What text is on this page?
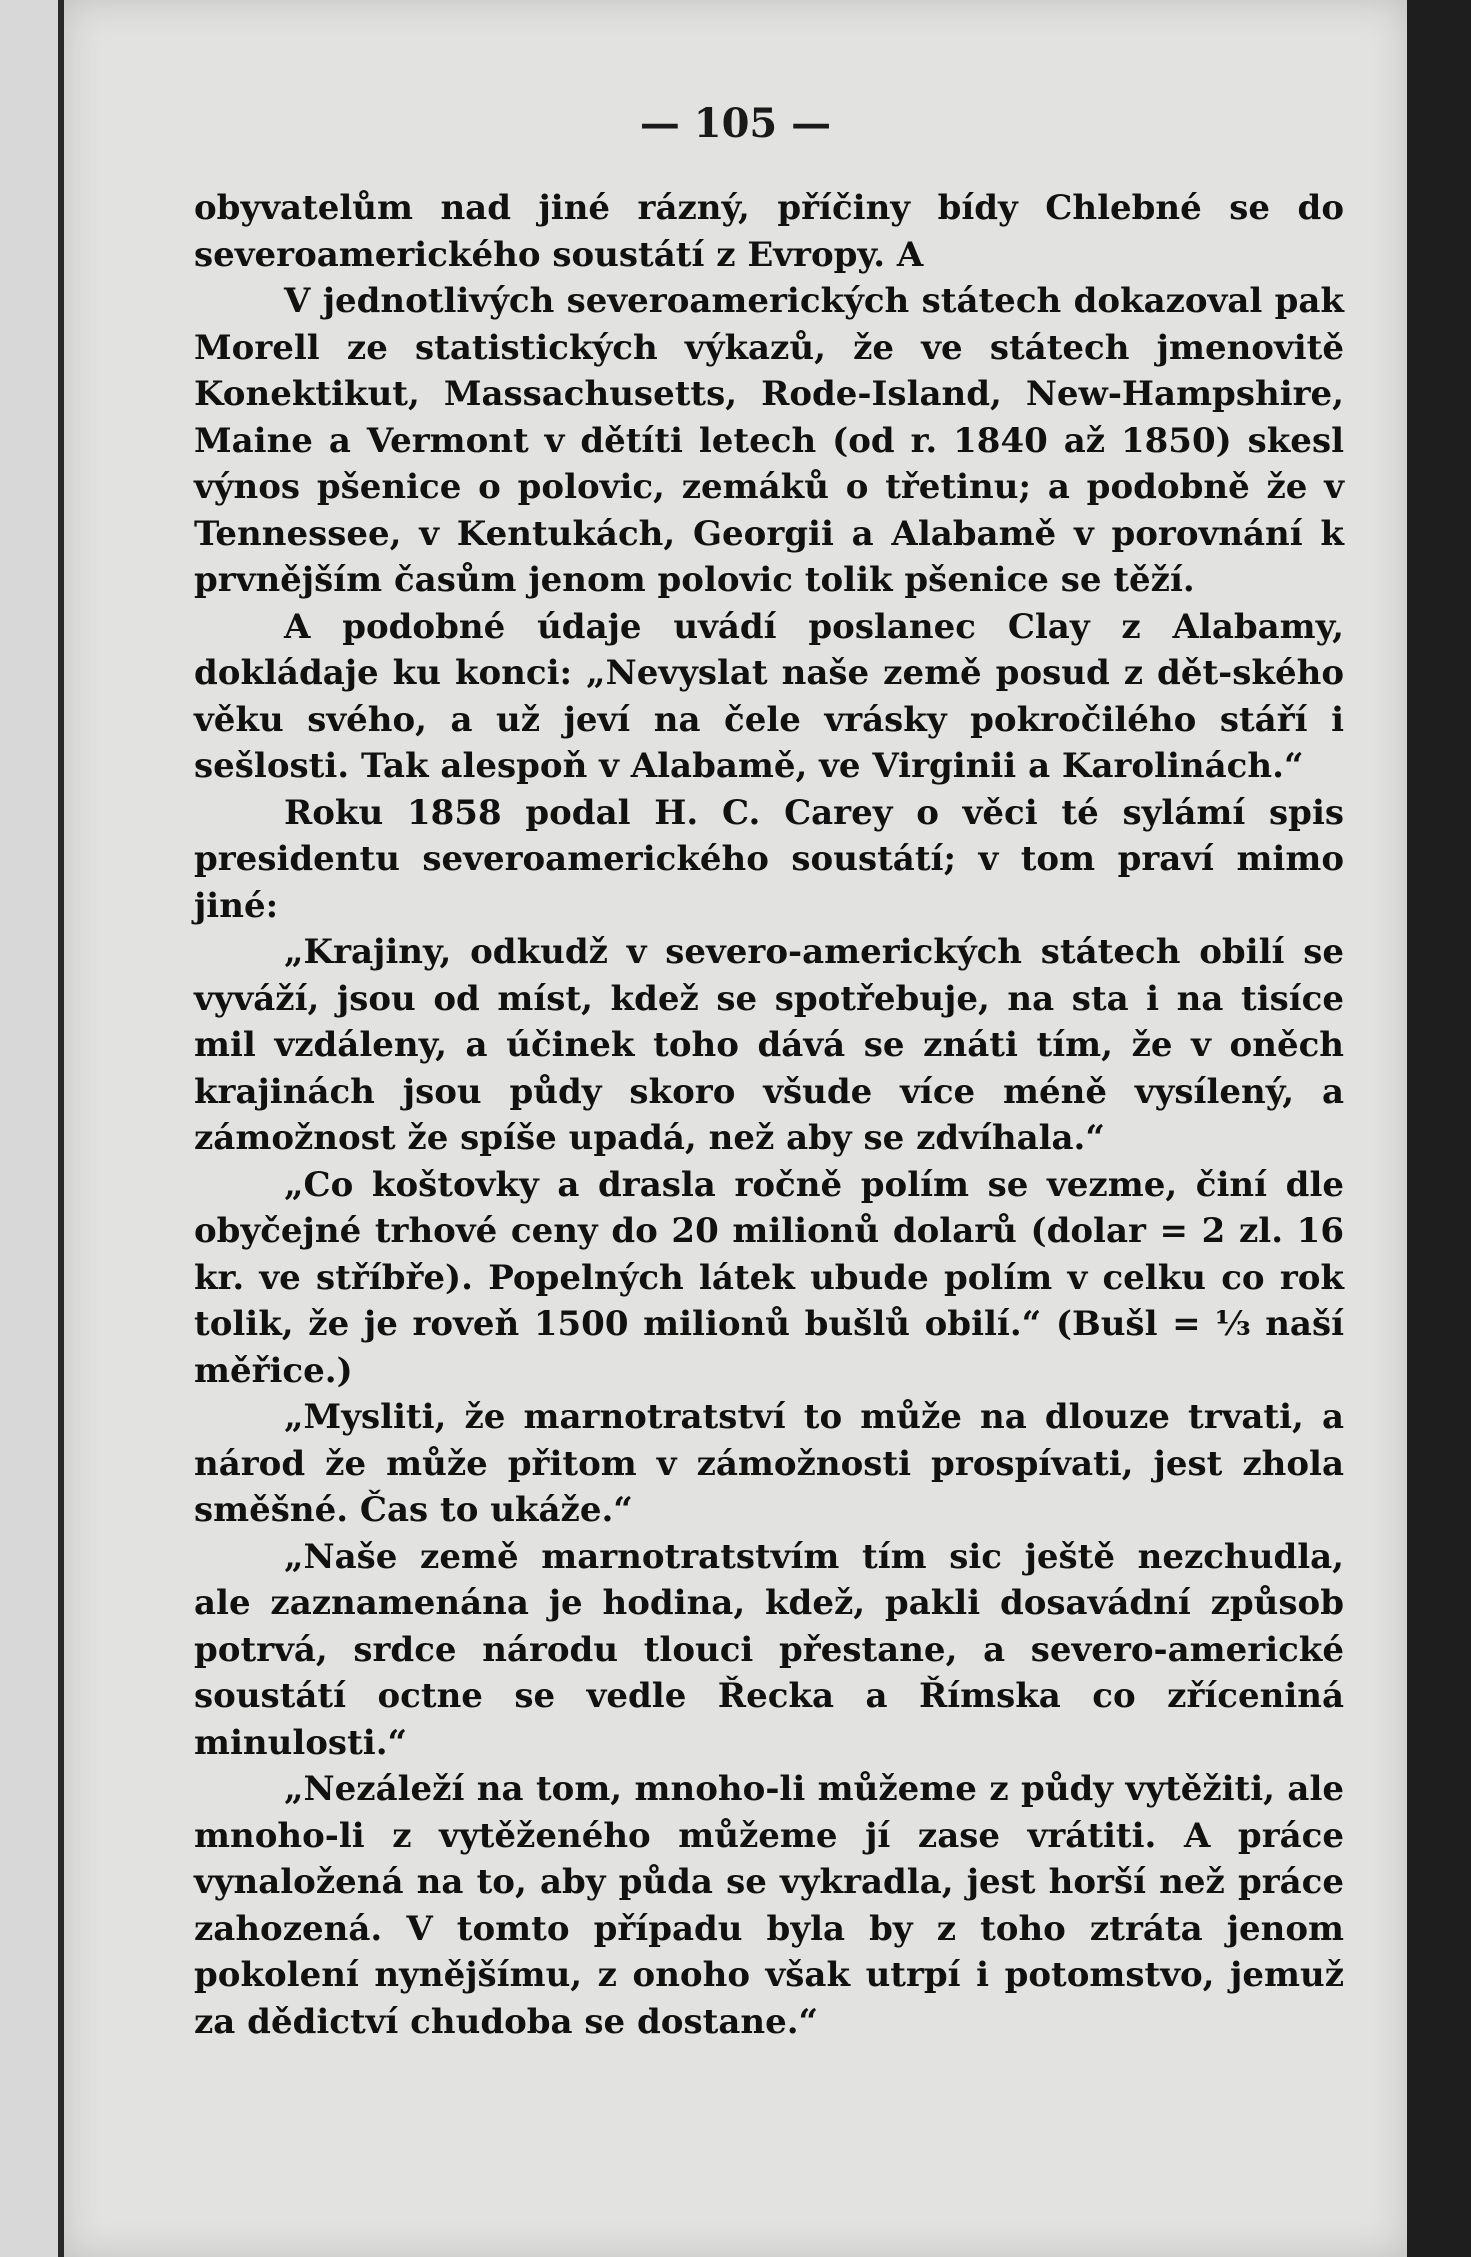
— 105 —

obyvatelům nad jiné rázný, příčiny bídy Chlebné se do severoamerického soustátí z Evropy. A

V jednotlivých severoamerických státech dokazoval pak Morell ze statistických výkazů, že ve státech jmenovitě Konektikut, Massachusetts, Rode-Island, New-Hampshire, Maine a Vermont v dětíti letech (od r. 1840 až 1850) skesl výnos pšenice o polovic, zemáků o třetinu; a podobně že v Tennessee, v Kentukách, Georgii a Alabamě v porovnání k prvnějším časům jenom polovic tolik pšenice se těží.

A podobné údaje uvádí poslanec Clay z Alabamy, dokládaje ku konci: „Nevyslat naše země posud z dět-ského věku svého, a už jeví na čele vrásky pokročilého stáří i sešlosti. Tak alespoň v Alabamě, ve Virginii a Karolinách.“

Roku 1858 podal H. C. Carey o věci té sylámí spis presidentu severoamerického soustátí; v tom praví mimo jiné:

„Krajiny, odkudž v severo-amerických státech obilí se vyváží, jsou od míst, kdež se spotřebuje, na sta i na tisíce mil vzdáleny, a účinek toho dává se znáti tím, že v oněch krajinách jsou půdy skoro všude více méně vysílený, a zámožnost že spíše upadá, než aby se zdvíhala.“

„Co koštovky a drasla ročně polím se vezme, činí dle obyčejné trhové ceny do 20 milionů dolarů (dolar = 2 zl. 16 kr. ve stříbře). Popelných látek ubude polím v celku co rok tolik, že je roveň 1500 milionů bušlů obilí.“ (Bušl = ⅓ naší měřice.)

„Mysliti, že marnotratství to může na dlouze trvati, a národ že může přitom v zámožnosti prospívati, jest zhola směšné. Čas to ukáže.“

„Naše země marnotratstvím tím sic ještě nezchudla, ale zaznamenána je hodina, kdež, pakli dosavádní způsob potrvá, srdce národu tlouci přestane, a severo-americké soustátí octne se vedle Řecka a Římska co zříceniná minulosti.“

„Nezáleží na tom, mnoho-li můžeme z půdy vytěžiti, ale mnoho-li z vytěženého můžeme jí zase vrátiti. A práce vynaložená na to, aby půda se vykradla, jest horší než práce zahozená. V tomto případu byla by z toho ztráta jenom pokolení nynějšímu, z onoho však utrpí i potomstvo, jemuž za dědictví chudoba se dostane.“
